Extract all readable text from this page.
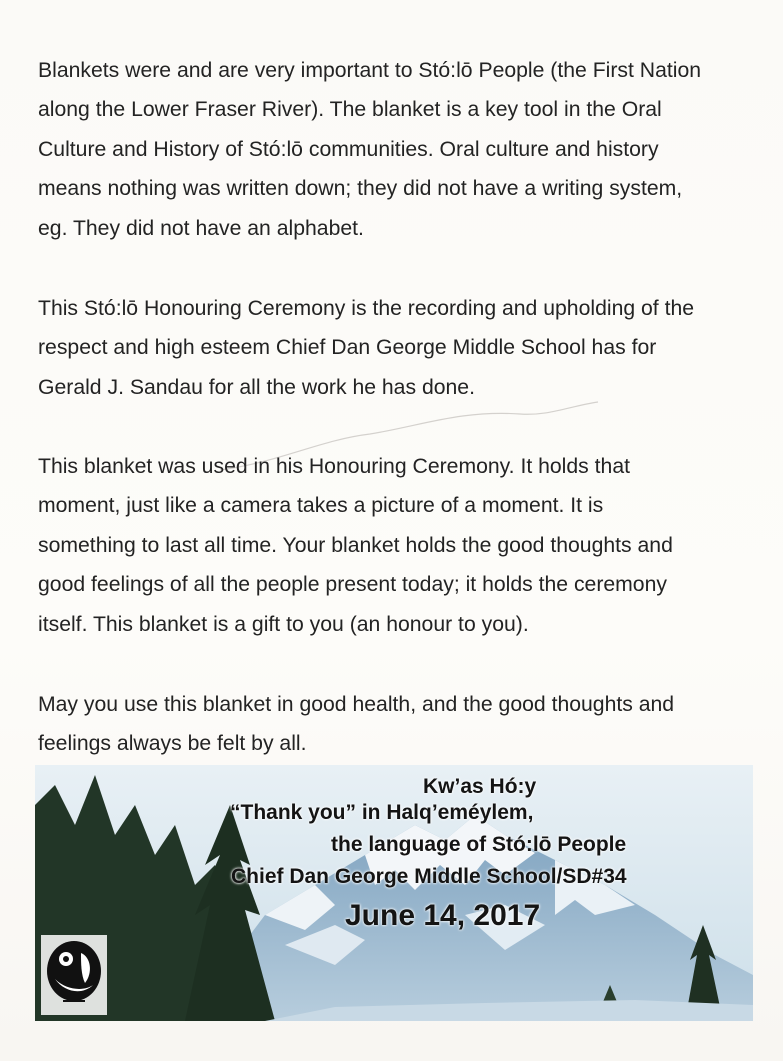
Blankets were and are very important to Stó:lō People (the First Nation
along the Lower Fraser River). The blanket is a key tool in the Oral
Culture and History of Stó:lō communities. Oral culture and history
means nothing was written down; they did not have a writing system,
eg. They did not have an alphabet.
This Stó:lō Honouring Ceremony is the recording and upholding of the
respect and high esteem Chief Dan George Middle School has for
Gerald J. Sandau for all the work he has done.
This blanket was used in his Honouring Ceremony. It holds that
moment, just like a camera takes a picture of a moment. It is
something to last all time. Your blanket holds the good thoughts and
good feelings of all the people present today; it holds the ceremony
itself. This blanket is a gift to you (an honour to you).
May you use this blanket in good health, and the good thoughts and
feelings always be felt by all.
Kw’as Hó:y
“Thank you” in Halq’eméylem,
the language of Stó:lō People
Chief Dan George Middle School/SD#34
June 14, 2017
